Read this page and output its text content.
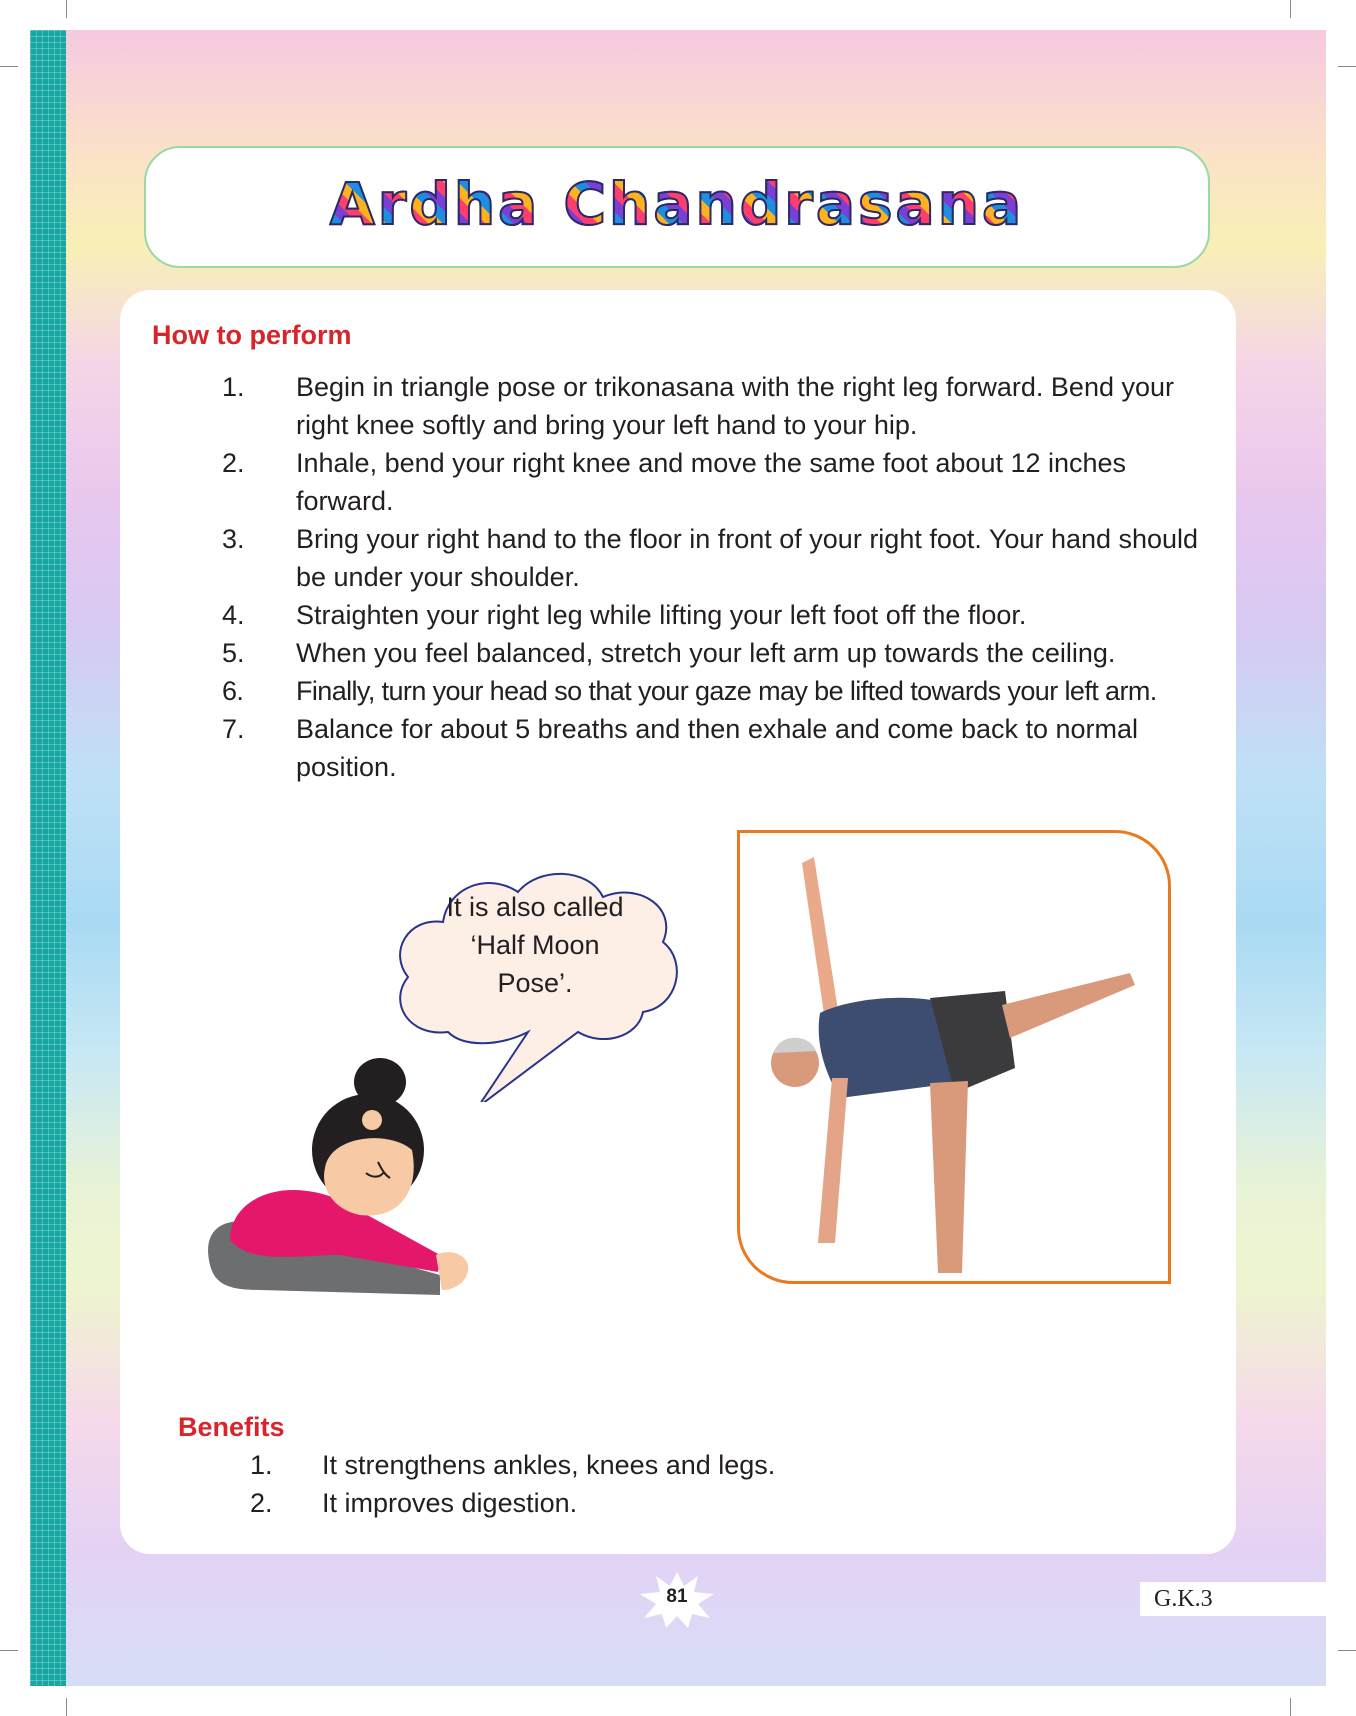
Ardha Chandrasana
How to perform
1. Begin in triangle pose or trikonasana with the right leg forward. Bend your right knee softly and bring your left hand to your hip.
2. Inhale, bend your right knee and move the same foot about 12 inches forward.
3. Bring your right hand to the floor in front of your right foot. Your hand should be under your shoulder.
4. Straighten your right leg while lifting your left foot off the floor.
5. When you feel balanced, stretch your left arm up towards the ceiling.
6. Finally, turn your head so that your gaze may be lifted towards your left arm.
7. Balance for about 5 breaths and then exhale and come back to normal position.
It is also called
‘Half Moon
Pose’.
Benefits
1. It strengthens ankles, knees and legs.
2. It improves digestion.
81	G.K.3
